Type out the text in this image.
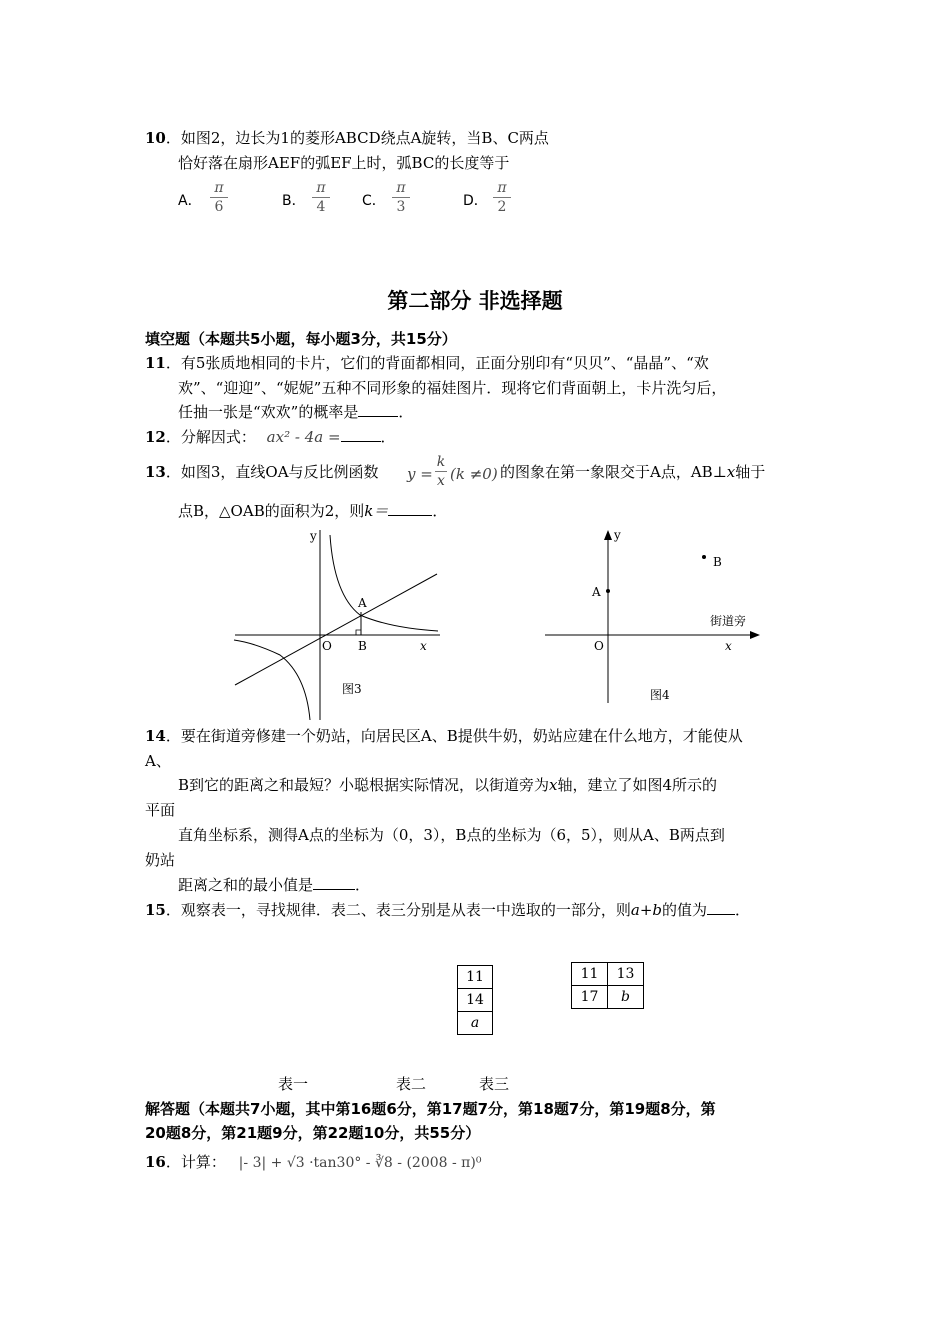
10．如图2，边长为1的菱形ABCD绕点A旋转，当B、C两点
恰好落在扇形AEF的弧EF上时，弧BC的长度等于
A．
π
6	B．
π
4	C．
π
3	D．
π
2
第二部分 非选择题
填空题（本题共5小题，每小题3分，共15分）
11．有5张质地相同的卡片，它们的背面都相同，正面分别印有“贝贝”、“晶晶”、“欢
欢”、“迎迎”、“妮妮”五种不同形象的福娃图片．现将它们背面朝上，卡片洗匀后，
任抽一张是“欢欢”的概率是	．
12．分解因式： ax² - 4a =	．
13．如图3，直线OA与反比例函数 y =
k
x (k ≠0) 的图象在第一象限交于A点，AB⊥x轴于
点B，△OAB的面积为2，则k＝	．
y
x
O
A
B
图3
y
x
O
A
B
街道旁
图4
14．要在街道旁修建一个奶站，向居民区A、B提供牛奶，奶站应建在什么地方，才能使从
A、
B到它的距离之和最短？小聪根据实际情况，以街道旁为x轴，建立了如图4所示的
平面
直角坐标系，测得A点的坐标为（0，3），B点的坐标为（6，5），则从A、B两点到
奶站
距离之和的最小值是	．
15．观察表一，寻找规律．表二、表三分别是从表一中选取的一部分，则a+b的值为 ．
11
14
a
11	13
17	b
表一	表二	表三
解答题（本题共7小题，其中第16题6分，第17题7分，第18题7分，第19题8分，第
20题8分，第21题9分，第22题10分，共55分）
16．计算： |- 3| + √3 ·tan30° - ∛8 - (2008 - π)⁰
